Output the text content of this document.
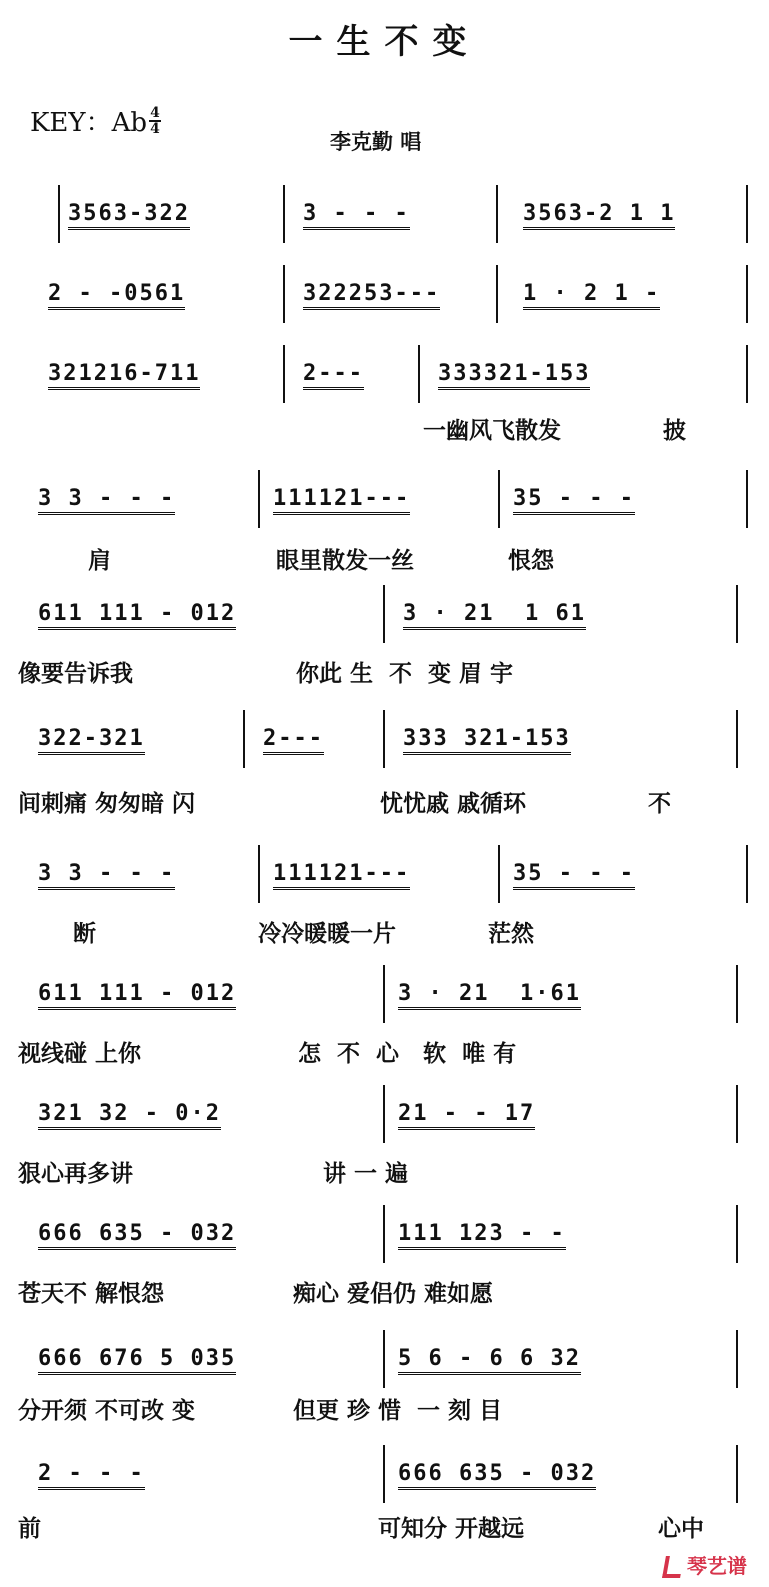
一生不变
KEY：Ab $\frac{4}{4}$
李克勤 唱
3563-322	3 - - -	3563-2 1 1
2 - -0561	322253---	1 · 2 1 -
321216-711	2---	333321-153
3 3 - - -	111121---	35 - - -
611 111 - 012	3 · 21  1 61
322-321	2---	333 321-153
3 3 - - -	111121---	35 - - -
611 111 - 012	3 · 21  1·61
321 32 - 0·2	21 - - 17
666 635 - 032	111 123 - -
666 676 5 035	5 6 - 6 6 32
2 - - -	666 635 - 032
一幽风飞散发	披
肩	眼里散发一丝	恨怨
像要告诉我	你此 生  不  变 眉 宇
间刺痛 匆匆暗 闪	忧忧戚 戚循环	不
断	冷冷暖暖一片	茫然
视线碰 上你	怎  不  心   软  唯 有
狠心再多讲	讲 一 遍
苍天不 解恨怨	痴心 爱侣仍 难如愿
分开须 不可改 变	但更 珍 惜  一 刻 目
前	可知分 开越远	心中
琴艺谱
